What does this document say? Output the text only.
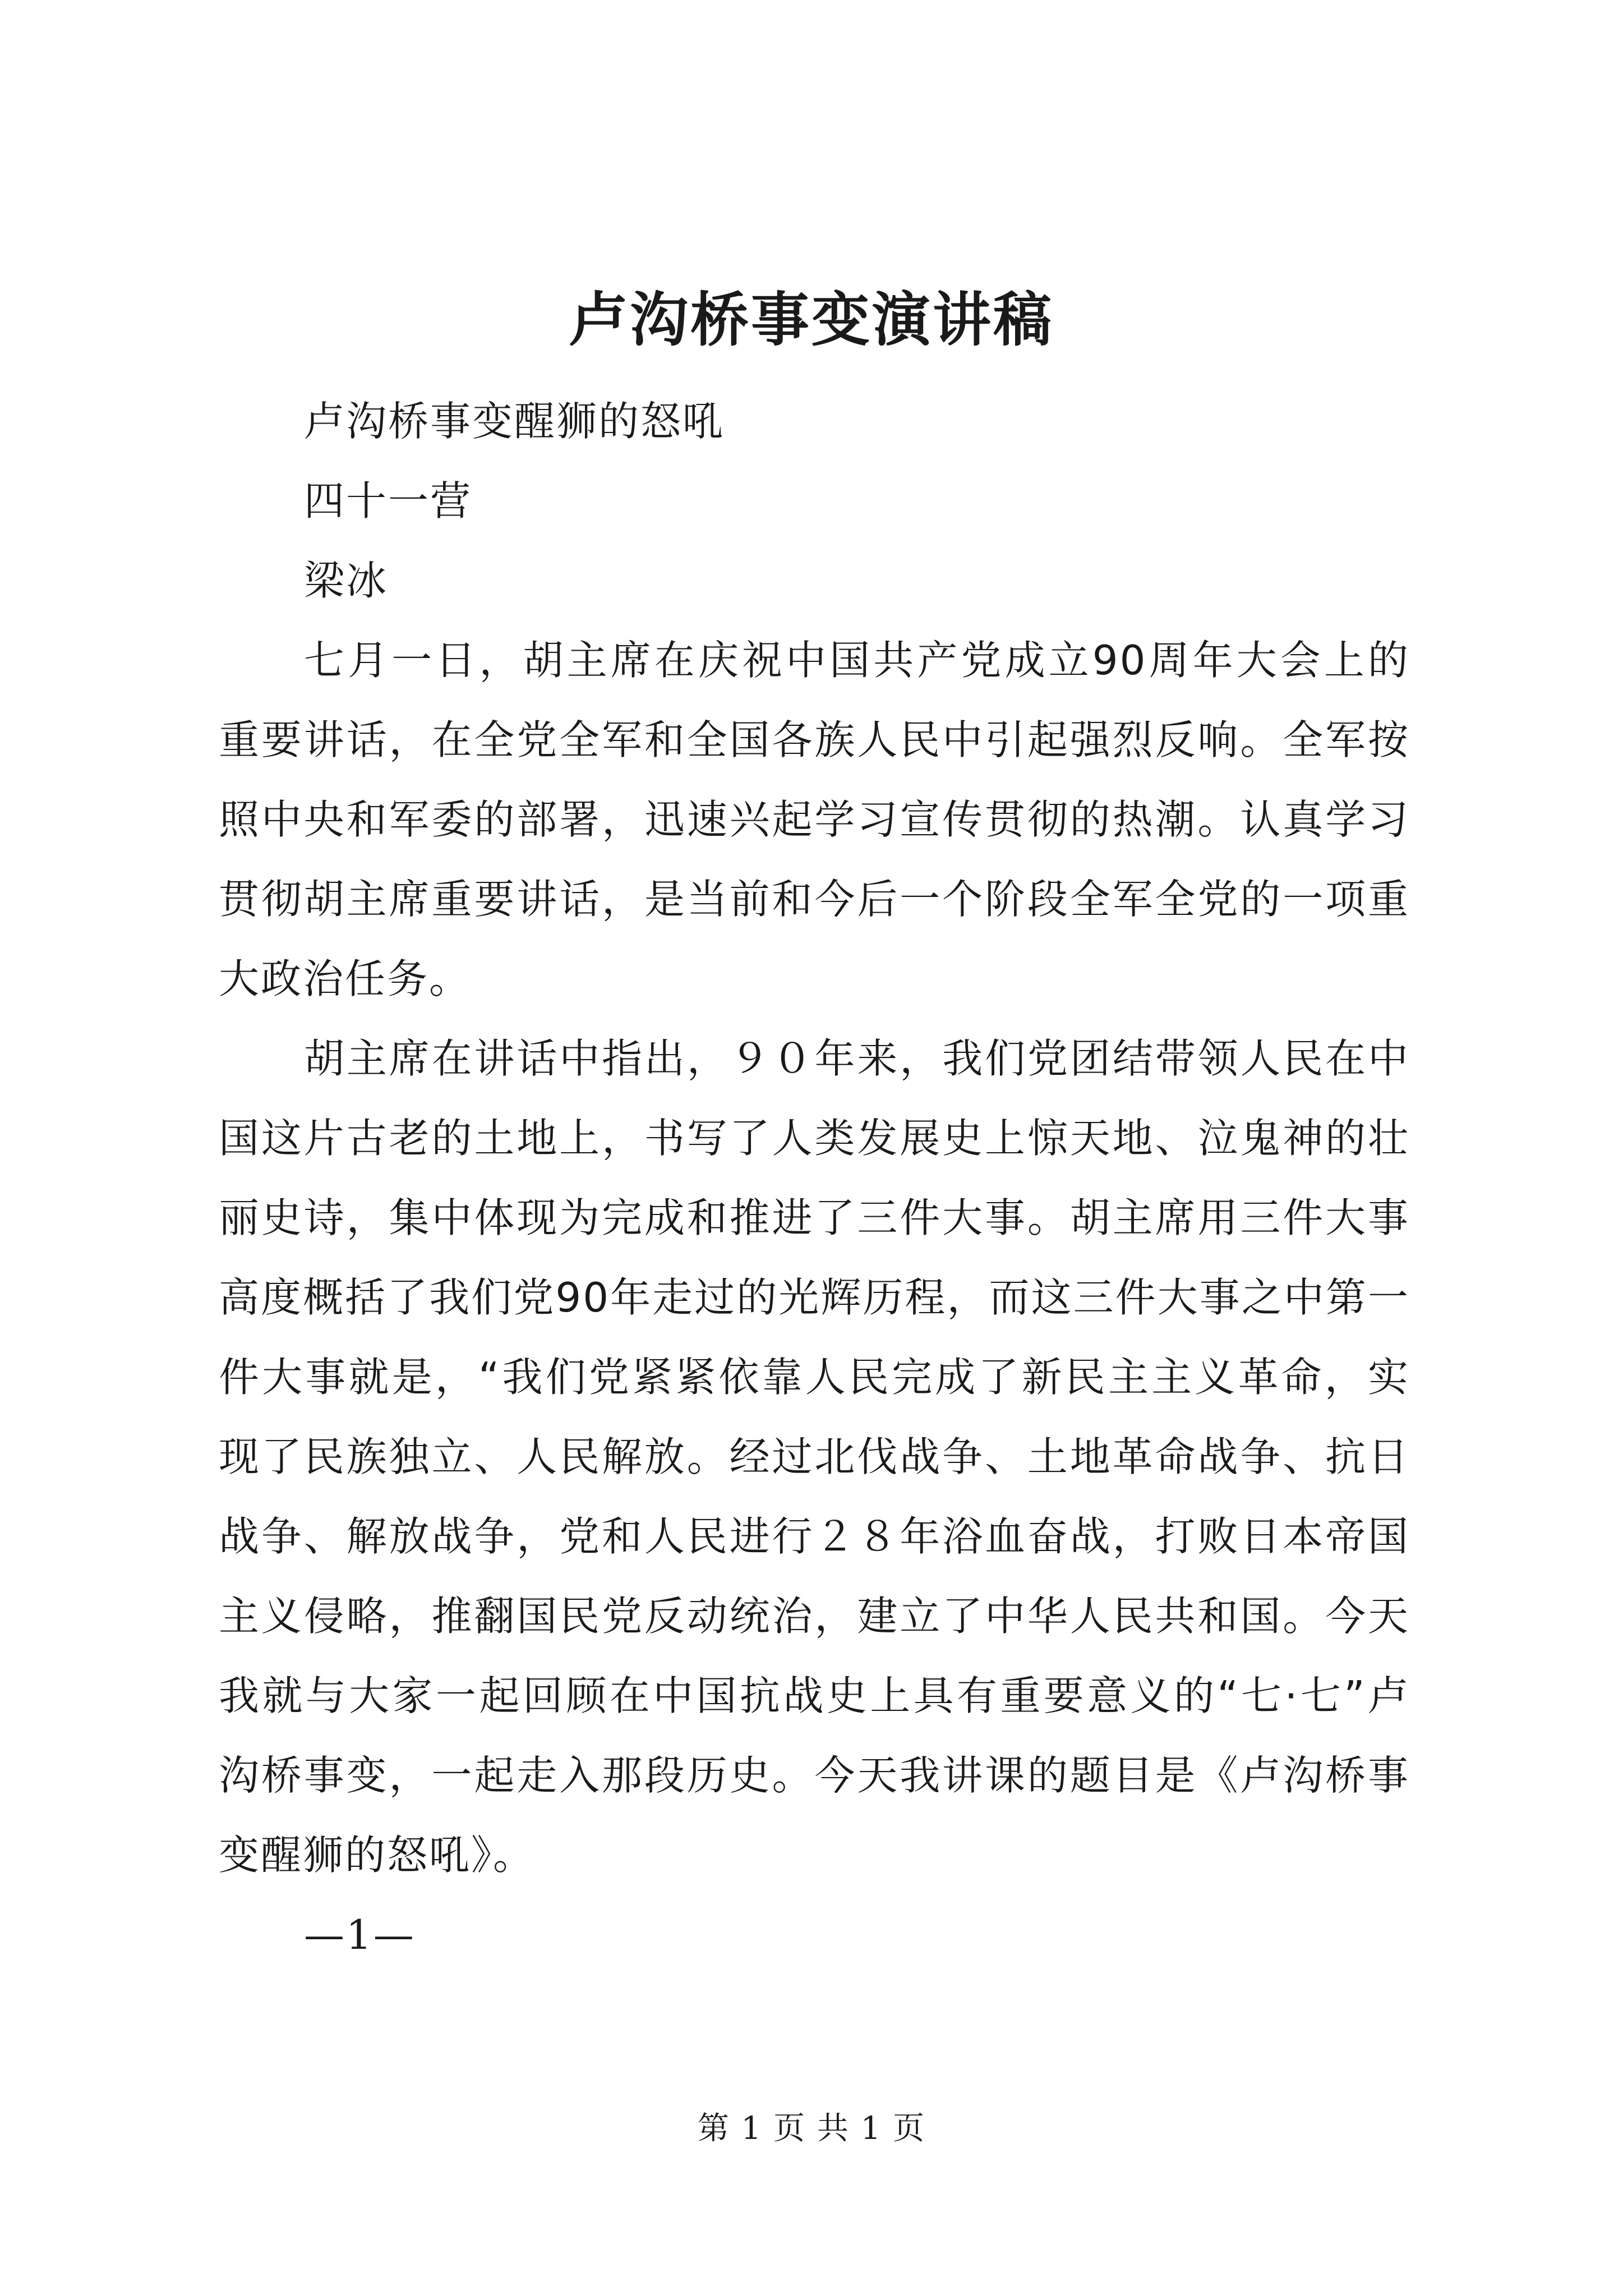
卢沟桥事变演讲稿

卢沟桥事变醒狮的怒吼

四十一营

梁冰

七月一日，胡主席在庆祝中国共产党成立90周年大会上的重要讲话，在全党全军和全国各族人民中引起强烈反响。全军按照中央和军委的部署，迅速兴起学习宣传贯彻的热潮。认真学习贯彻胡主席重要讲话，是当前和今后一个阶段全军全党的一项重大政治任务。

胡主席在讲话中指出，９０年来，我们党团结带领人民在中国这片古老的土地上，书写了人类发展史上惊天地、泣鬼神的壮丽史诗，集中体现为完成和推进了三件大事。胡主席用三件大事高度概括了我们党90年走过的光辉历程，而这三件大事之中第一件大事就是，“我们党紧紧依靠人民完成了新民主主义革命，实现了民族独立、人民解放。经过北伐战争、土地革命战争、抗日战争、解放战争，党和人民进行２８年浴血奋战，打败日本帝国主义侵略，推翻国民党反动统治，建立了中华人民共和国。今天我就与大家一起回顾在中国抗战史上具有重要意义的“七·七”卢沟桥事变，一起走入那段历史。今天我讲课的题目是《卢沟桥事变醒狮的怒吼》。

—1—

第 1 页 共 1 页
